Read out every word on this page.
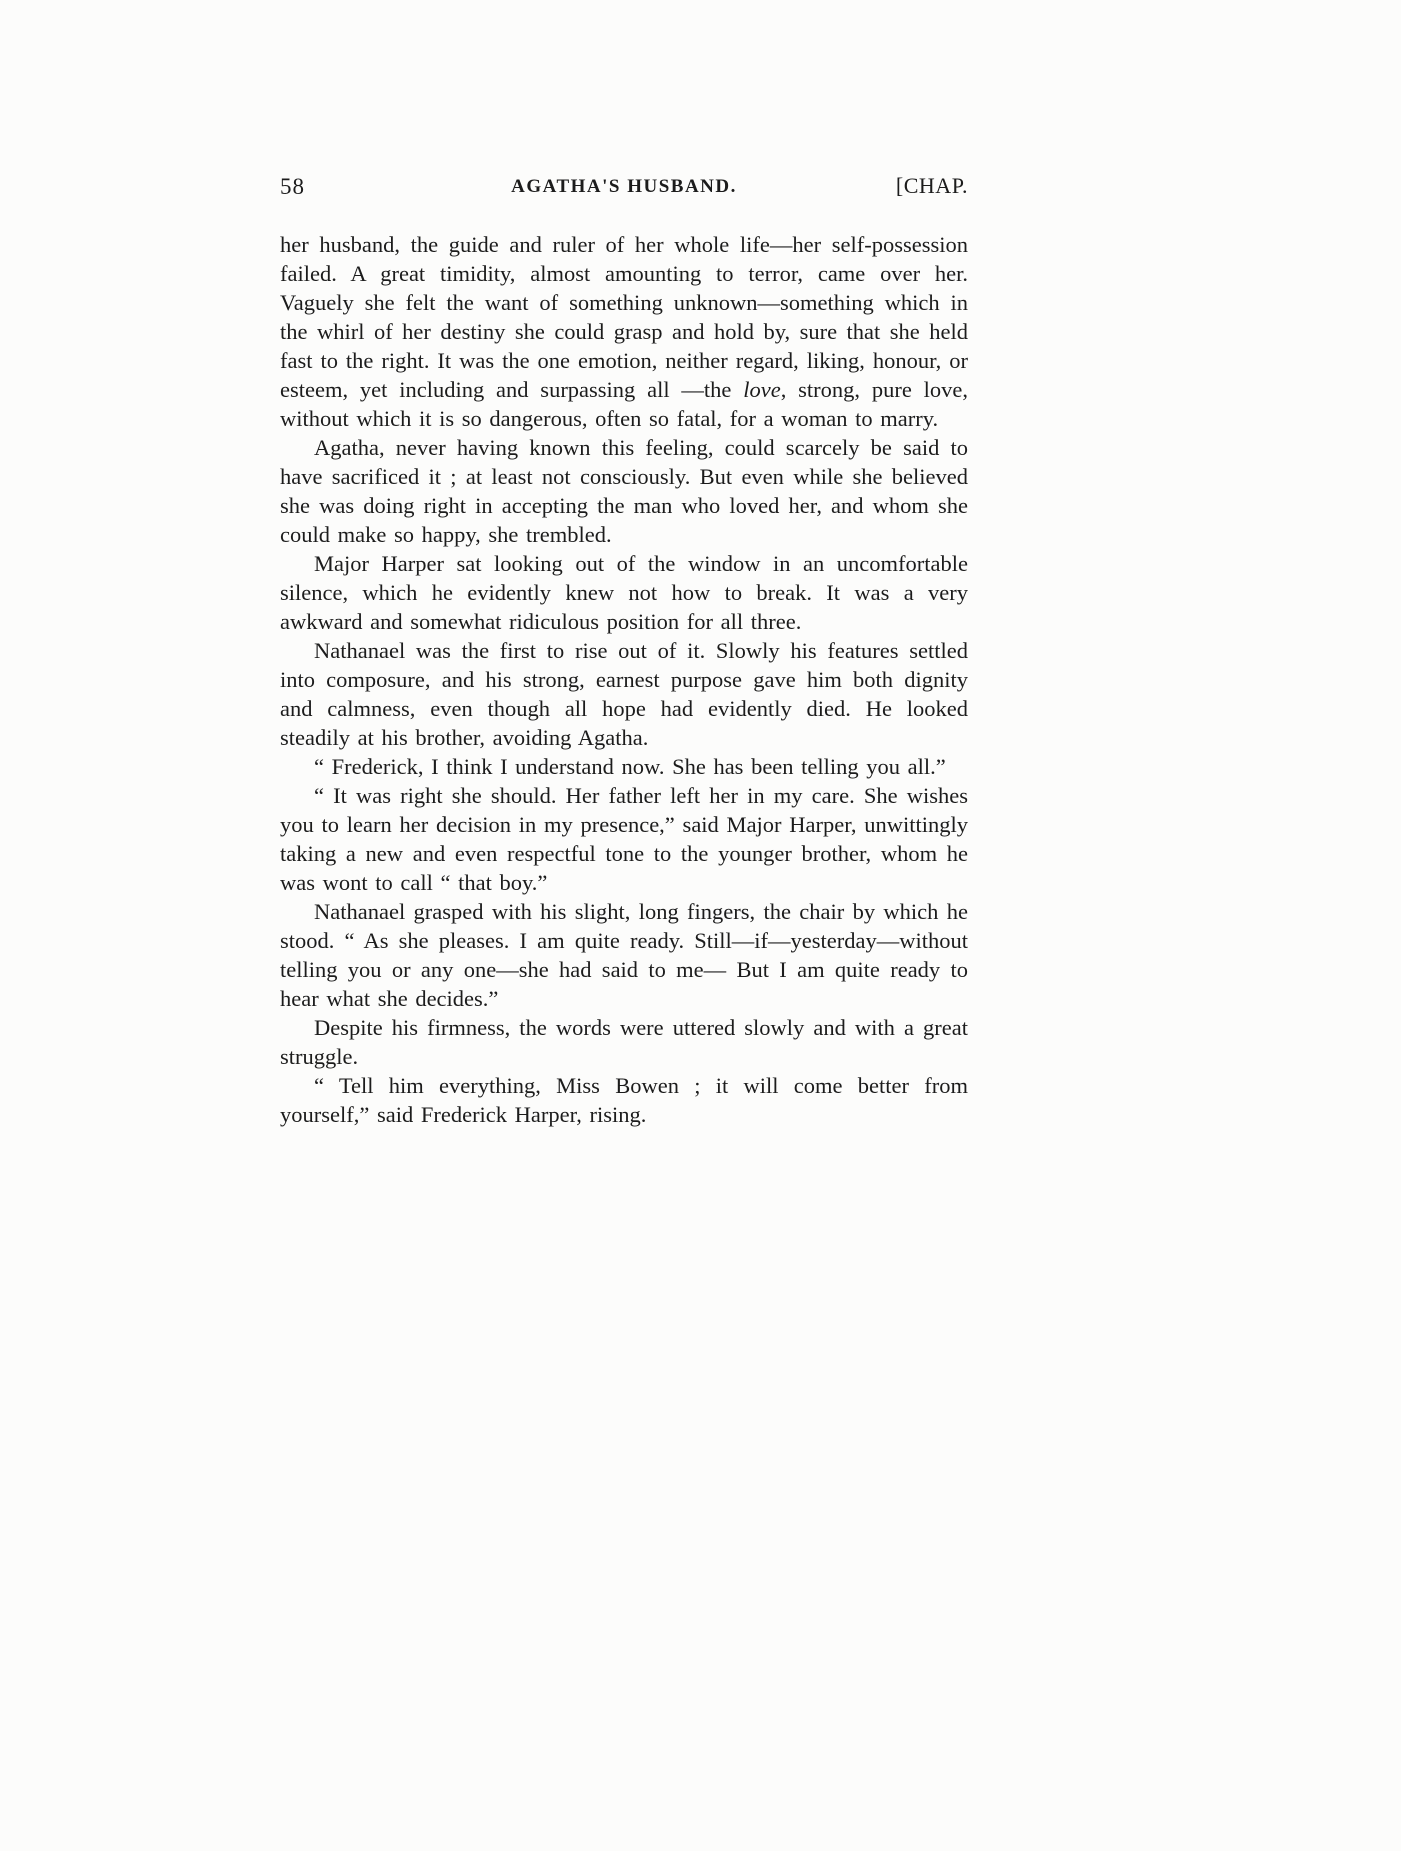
58	AGATHA'S HUSBAND.	[CHAP.

her husband, the guide and ruler of her whole life—her self-possession failed. A great timidity, almost amounting to terror, came over her. Vaguely she felt the want of something unknown—something which in the whirl of her destiny she could grasp and hold by, sure that she held fast to the right. It was the one emotion, neither regard, liking, honour, or esteem, yet including and surpassing all —the love, strong, pure love, without which it is so dangerous, often so fatal, for a woman to marry.

Agatha, never having known this feeling, could scarcely be said to have sacrificed it ; at least not consciously. But even while she believed she was doing right in accepting the man who loved her, and whom she could make so happy, she trembled.

Major Harper sat looking out of the window in an uncomfortable silence, which he evidently knew not how to break. It was a very awkward and somewhat ridiculous position for all three.

Nathanael was the first to rise out of it. Slowly his features settled into composure, and his strong, earnest purpose gave him both dignity and calmness, even though all hope had evidently died. He looked steadily at his brother, avoiding Agatha.

“ Frederick, I think I understand now. She has been telling you all.”

“ It was right she should. Her father left her in my care. She wishes you to learn her decision in my presence,” said Major Harper, unwittingly taking a new and even respectful tone to the younger brother, whom he was wont to call “ that boy.”

Nathanael grasped with his slight, long fingers, the chair by which he stood. “ As she pleases. I am quite ready. Still—if—yesterday—without telling you or any one—she had said to me— But I am quite ready to hear what she decides.”

Despite his firmness, the words were uttered slowly and with a great struggle.

“ Tell him everything, Miss Bowen ; it will come better from yourself,” said Frederick Harper, rising.
